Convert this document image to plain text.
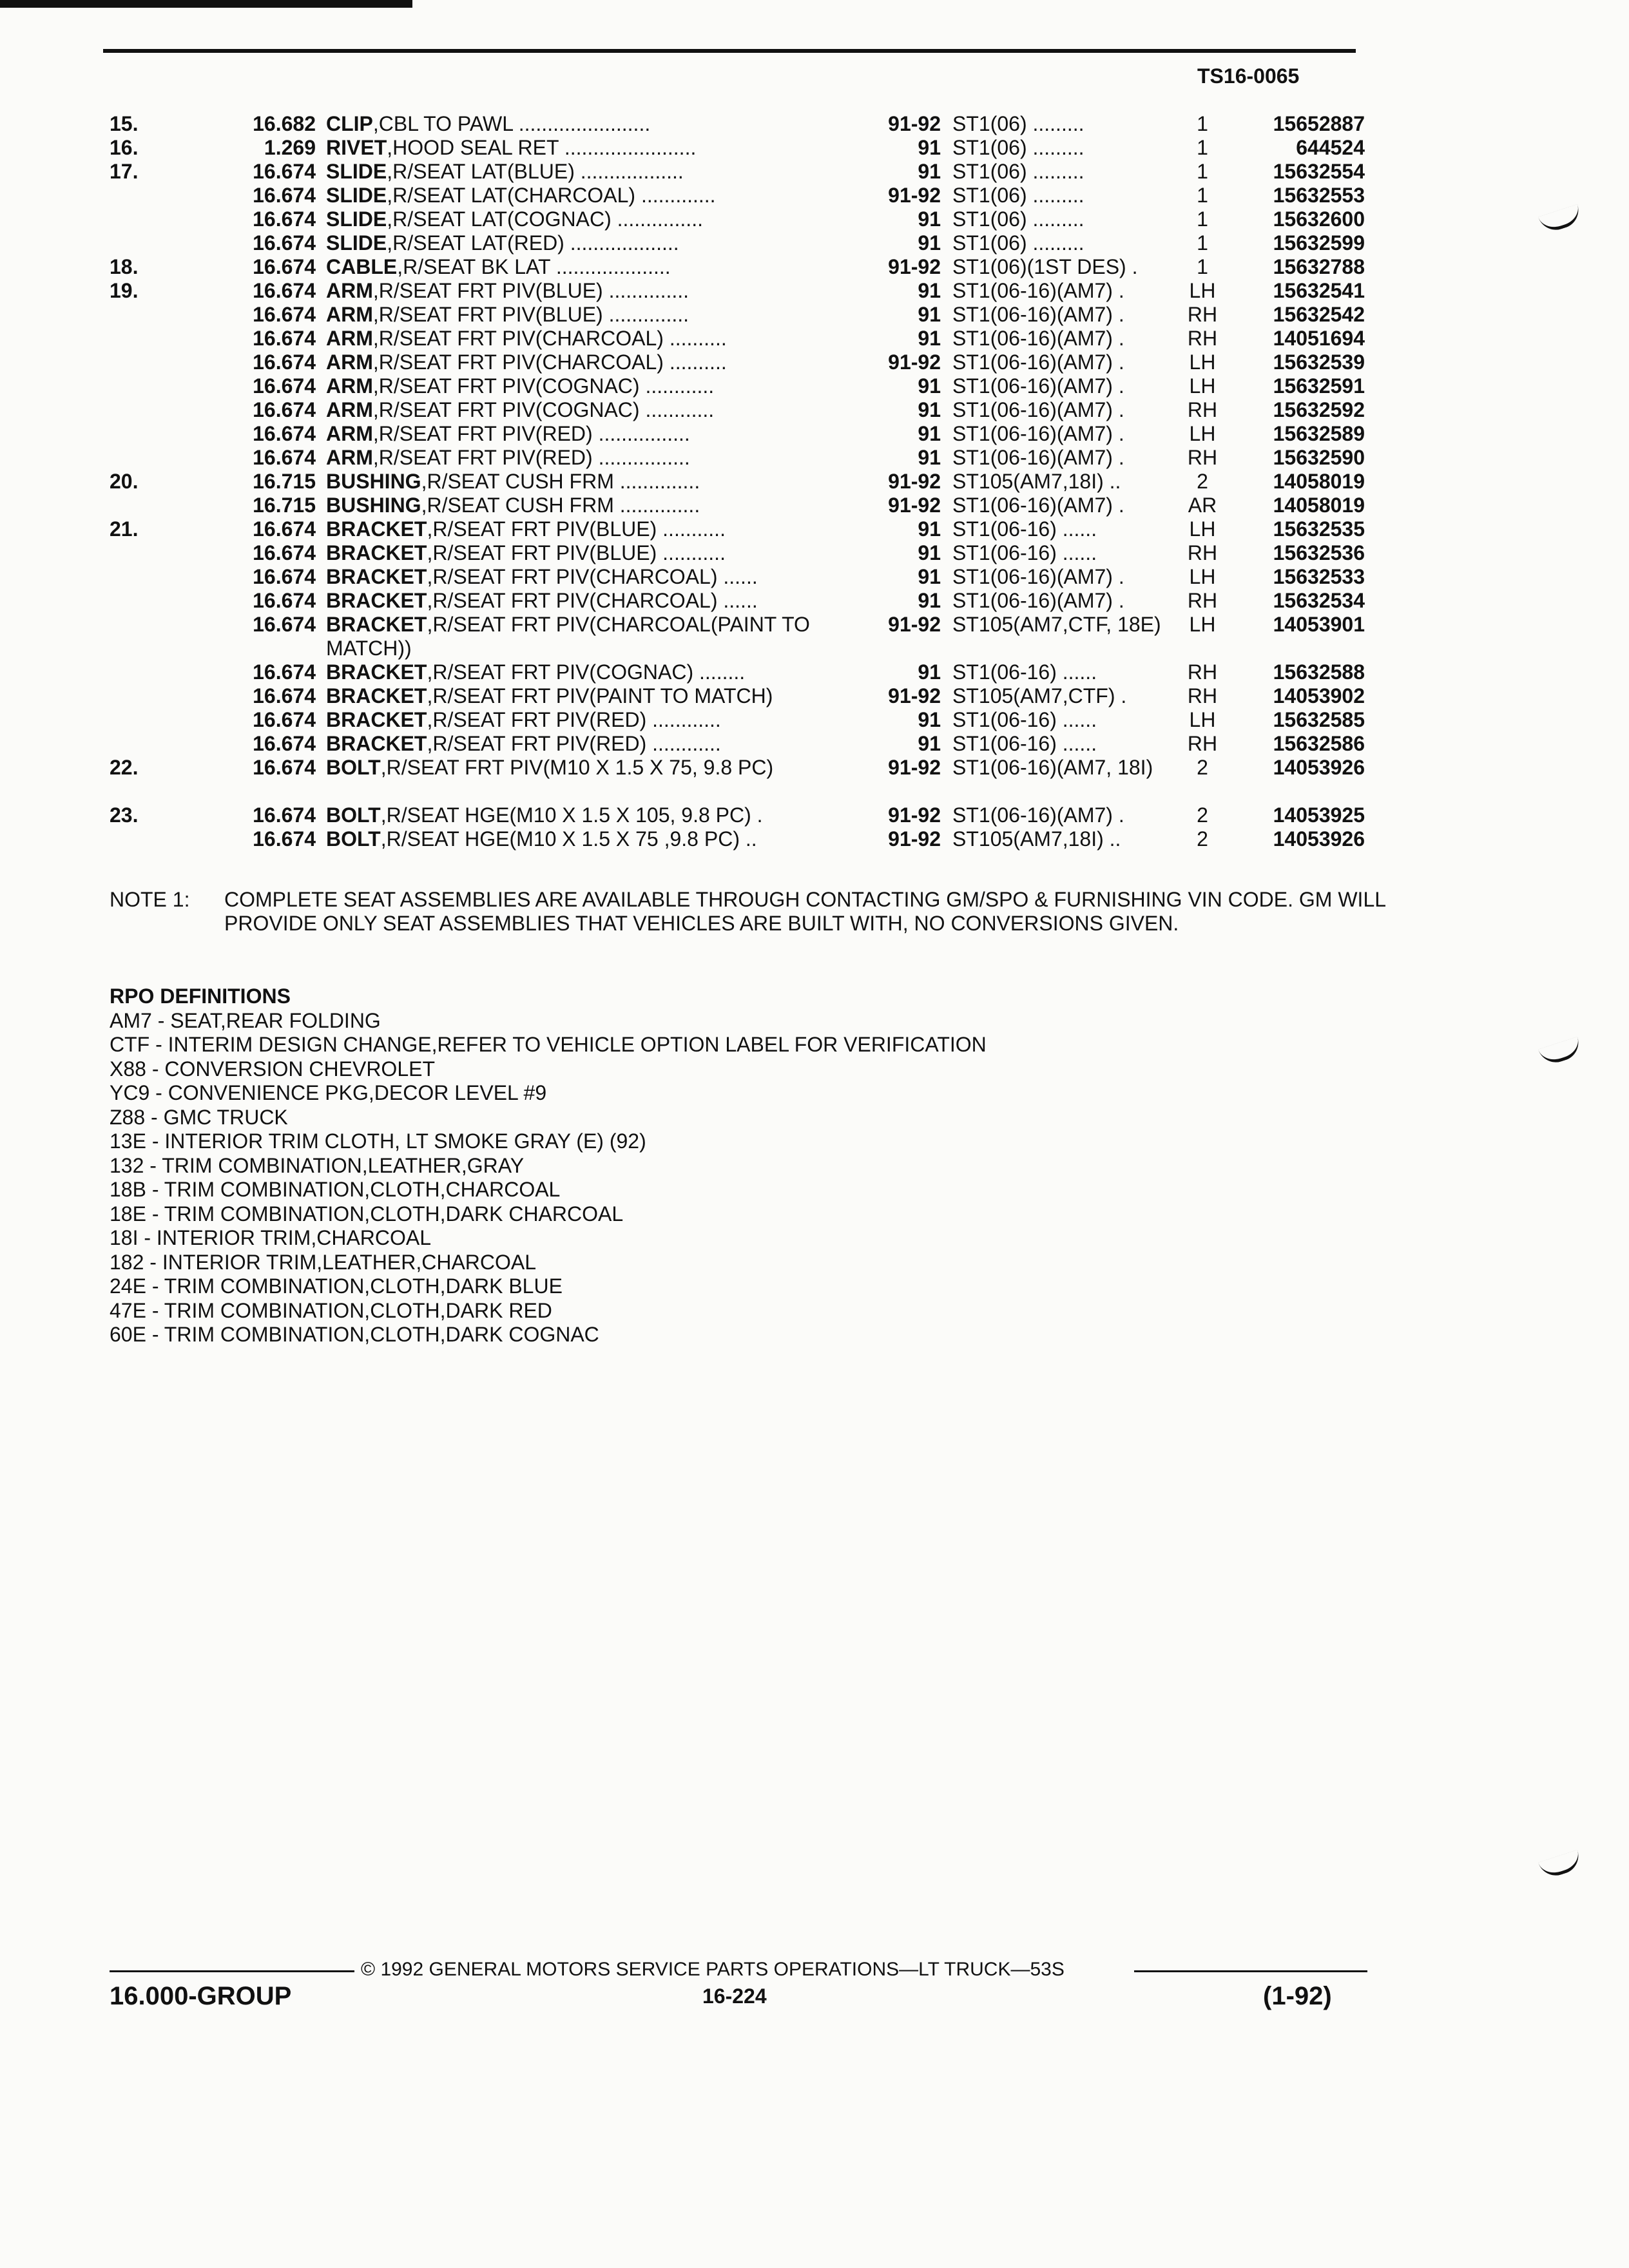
TS16-0065
15.	16.682 CLIP,CBL TO PAWL .......................	91-92 ST1(06) .........	1	15652887
16.	1.269 RIVET,HOOD SEAL RET .......................	91 ST1(06) .........	1	644524
17.	16.674 SLIDE,R/SEAT LAT(BLUE) ..................	91 ST1(06) .........	1	15632554
16.674 SLIDE,R/SEAT LAT(CHARCOAL) .............	91-92 ST1(06) .........	1	15632553
16.674 SLIDE,R/SEAT LAT(COGNAC) ...............	91 ST1(06) .........	1	15632600
16.674 SLIDE,R/SEAT LAT(RED) ...................	91 ST1(06) .........	1	15632599
18.	16.674 CABLE,R/SEAT BK LAT ....................	91-92 ST1(06)(1ST DES) .	1	15632788
19.	16.674 ARM,R/SEAT FRT PIV(BLUE) ..............	91 ST1(06-16)(AM7) .	LH	15632541
16.674 ARM,R/SEAT FRT PIV(BLUE) ..............	91 ST1(06-16)(AM7) .	RH	15632542
16.674 ARM,R/SEAT FRT PIV(CHARCOAL) ..........	91 ST1(06-16)(AM7) .	RH	14051694
16.674 ARM,R/SEAT FRT PIV(CHARCOAL) ..........	91-92 ST1(06-16)(AM7) .	LH	15632539
16.674 ARM,R/SEAT FRT PIV(COGNAC) ............	91 ST1(06-16)(AM7) .	LH	15632591
16.674 ARM,R/SEAT FRT PIV(COGNAC) ............	91 ST1(06-16)(AM7) .	RH	15632592
16.674 ARM,R/SEAT FRT PIV(RED) ................	91 ST1(06-16)(AM7) .	LH	15632589
16.674 ARM,R/SEAT FRT PIV(RED) ................	91 ST1(06-16)(AM7) .	RH	15632590
20.	16.715 BUSHING,R/SEAT CUSH FRM ..............	91-92 ST105(AM7,18I) ..	2	14058019
16.715 BUSHING,R/SEAT CUSH FRM ..............	91-92 ST1(06-16)(AM7) .	AR	14058019
21.	16.674 BRACKET,R/SEAT FRT PIV(BLUE) ...........	91 ST1(06-16) ......	LH	15632535
16.674 BRACKET,R/SEAT FRT PIV(BLUE) ...........	91 ST1(06-16) ......	RH	15632536
16.674 BRACKET,R/SEAT FRT PIV(CHARCOAL) ......	91 ST1(06-16)(AM7) .	LH	15632533
16.674 BRACKET,R/SEAT FRT PIV(CHARCOAL) ......	91 ST1(06-16)(AM7) .	RH	15632534
16.674 BRACKET,R/SEAT FRT PIV(CHARCOAL(PAINT TO MATCH))
91-92 ST105(AM7,CTF, 18E)	LH	14053901
16.674 BRACKET,R/SEAT FRT PIV(COGNAC) ........	91 ST1(06-16) ......	RH	15632588
16.674 BRACKET,R/SEAT FRT PIV(PAINT TO MATCH)	91-92 ST105(AM7,CTF) .	RH	14053902
16.674 BRACKET,R/SEAT FRT PIV(RED) ............	91 ST1(06-16) ......	LH	15632585
16.674 BRACKET,R/SEAT FRT PIV(RED) ............	91 ST1(06-16) ......	RH	15632586
22.	16.674 BOLT,R/SEAT FRT PIV(M10 X 1.5 X 75, 9.8 PC)	91-92 ST1(06-16)(AM7, 18I)	2	14053926
23.	16.674 BOLT,R/SEAT HGE(M10 X 1.5 X 105, 9.8 PC) .	91-92 ST1(06-16)(AM7) .	2	14053925
16.674 BOLT,R/SEAT HGE(M10 X 1.5 X 75 ,9.8 PC) ..	91-92 ST105(AM7,18I) ..	2	14053926
NOTE 1:	COMPLETE SEAT ASSEMBLIES ARE AVAILABLE THROUGH CONTACTING GM/SPO & FURNISHING VIN CODE. GM WILL PROVIDE ONLY SEAT ASSEMBLIES THAT VEHICLES ARE BUILT WITH, NO CONVERSIONS GIVEN.
RPO DEFINITIONS
AM7 - SEAT,REAR FOLDING
CTF - INTERIM DESIGN CHANGE,REFER TO VEHICLE OPTION LABEL FOR VERIFICATION
X88 - CONVERSION CHEVROLET
YC9 - CONVENIENCE PKG,DECOR LEVEL #9
Z88 - GMC TRUCK
13E - INTERIOR TRIM CLOTH, LT SMOKE GRAY (E) (92)
132 - TRIM COMBINATION,LEATHER,GRAY
18B - TRIM COMBINATION,CLOTH,CHARCOAL
18E - TRIM COMBINATION,CLOTH,DARK CHARCOAL
18I - INTERIOR TRIM,CHARCOAL
182 - INTERIOR TRIM,LEATHER,CHARCOAL
24E - TRIM COMBINATION,CLOTH,DARK BLUE
47E - TRIM COMBINATION,CLOTH,DARK RED
60E - TRIM COMBINATION,CLOTH,DARK COGNAC
© 1992 GENERAL MOTORS SERVICE PARTS OPERATIONS—LT TRUCK—53S
16.000-GROUP	16-224	(1-92)
